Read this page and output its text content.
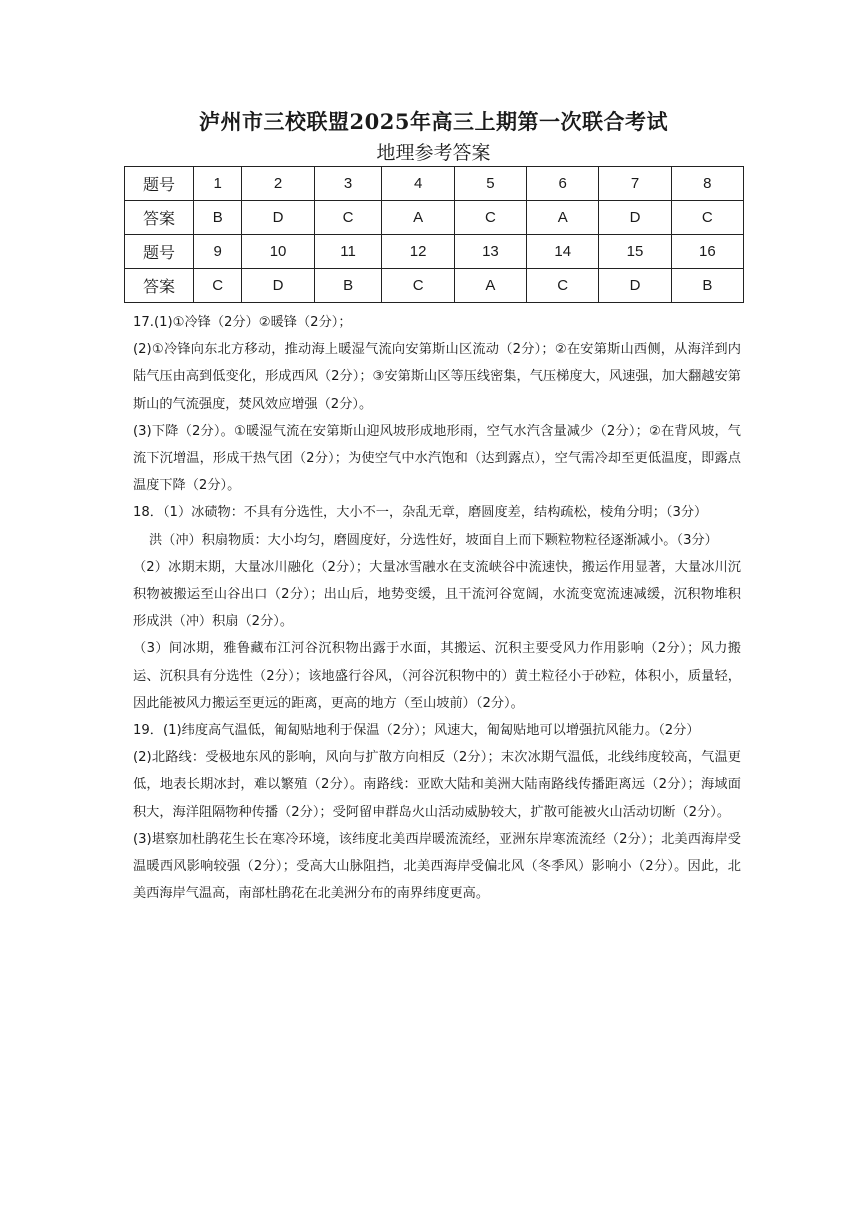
泸州市三校联盟2025年高三上期第一次联合考试
地理参考答案
题号	1	2	3	4	5	6	7	8
答案	B	D	C	A	C	A	D	C
题号	9	10	11	12	13	14	15	16
答案	C	D	B	C	A	C	D	B

17.(1)①冷锋（2分）②暖锋（2分）；

(2)①冷锋向东北方移动，推动海上暖湿气流向安第斯山区流动（2分）；②在安第斯山西侧，从海洋到内陆气压由高到低变化，形成西风（2分）；③安第斯山区等压线密集，气压梯度大，风速强，加大翻越安第斯山的气流强度，焚风效应增强（2分）。

(3)下降（2分）。①暖湿气流在安第斯山迎风坡形成地形雨，空气水汽含量减少（2分）；②在背风坡，气流下沉增温，形成干热气团（2分）；为使空气中水汽饱和（达到露点），空气需冷却至更低温度，即露点温度下降（2分）。

18．（1）冰碛物：不具有分选性，大小不一，杂乱无章，磨圆度差，结构疏松，棱角分明；（3分）

洪（冲）积扇物质：大小均匀，磨圆度好，分选性好，坡面自上而下颗粒物粒径逐渐减小。（3分）

（2）冰期末期，大量冰川融化（2分）；大量冰雪融水在支流峡谷中流速快，搬运作用显著，大量冰川沉积物被搬运至山谷出口（2分）；出山后，地势变缓，且干流河谷宽阔，水流变宽流速减缓，沉积物堆积形成洪（冲）积扇（2分）。

（3）间冰期，雅鲁藏布江河谷沉积物出露于水面，其搬运、沉积主要受风力作用影响（2分）；风力搬运、沉积具有分选性（2分）；该地盛行谷风，（河谷沉积物中的）黄土粒径小于砂粒，体积小，质量轻，因此能被风力搬运至更远的距离，更高的地方（至山坡前）（2分）。

19．(1)纬度高气温低，匍匐贴地利于保温（2分）；风速大，匍匐贴地可以增强抗风能力。（2分）

(2)北路线：受极地东风的影响，风向与扩散方向相反（2分）；末次冰期气温低，北线纬度较高，气温更低，地表长期冰封，难以繁殖（2分）。南路线：亚欧大陆和美洲大陆南路线传播距离远（2分）；海域面积大，海洋阻隔物种传播（2分）；受阿留申群岛火山活动威胁较大，扩散可能被火山活动切断（2分）。

(3)堪察加杜鹃花生长在寒冷环境，该纬度北美西岸暖流流经，亚洲东岸寒流流经（2分）；北美西海岸受温暖西风影响较强（2分）；受高大山脉阻挡，北美西海岸受偏北风（冬季风）影响小（2分）。因此，北美西海岸气温高，南部杜鹃花在北美洲分布的南界纬度更高。
